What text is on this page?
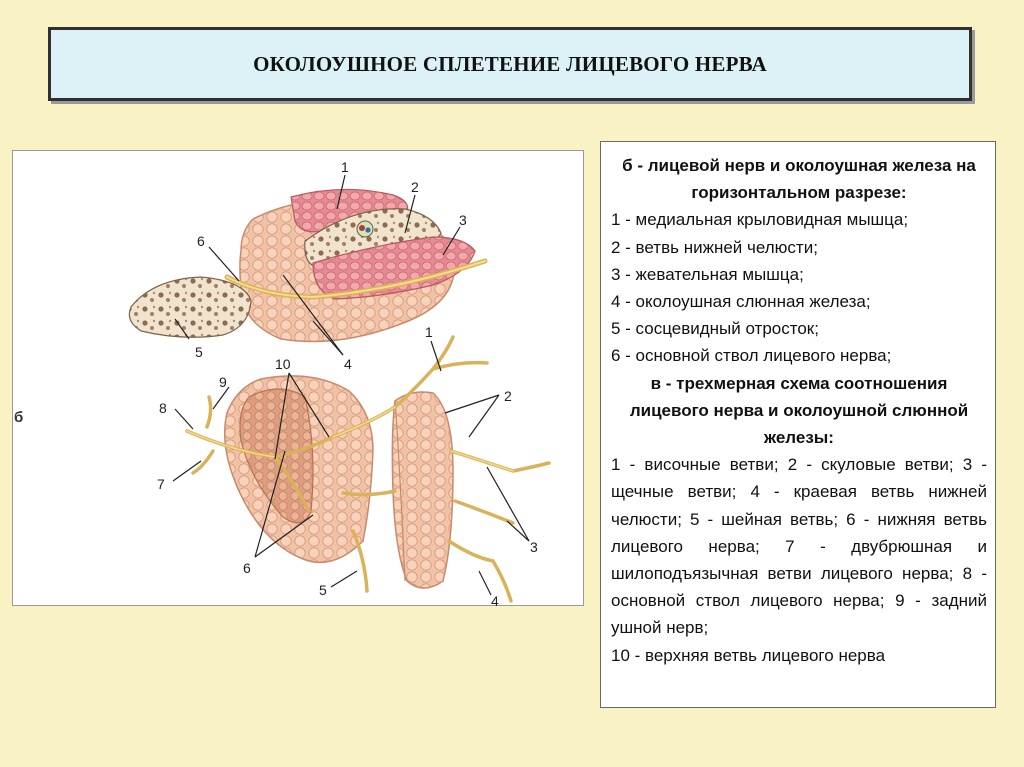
ОКОЛОУШНОЕ СПЛЕТЕНИЕ ЛИЦЕВОГО НЕРВА
1
2
3
4
5
6
1
2
3
4
5
6
7
8
9
10
б
б - лицевой нерв и околоушная железа на горизонтальном разрезе:
1 - медиальная крыловидная мышца;
2 - ветвь нижней челюсти;
3 - жевательная мышца;
4 - околоушная слюнная железа;
5 - сосцевидный отросток;
6 - основной ствол лицевого нерва;
в - трехмерная схема соотношения лицевого нерва и околоушной слюнной железы:
1 - височные ветви; 2 - скуловые ветви; 3 - щечные ветви; 4 - краевая ветвь нижней челюсти; 5 - шейная ветвь; 6 - нижняя ветвь лицевого нерва; 7 - двубрюшная и шилоподъязычная ветви лицевого нерва; 8 - основной ствол лицевого нерва; 9 - задний ушной нерв;
10 - верхняя ветвь лицевого нерва
